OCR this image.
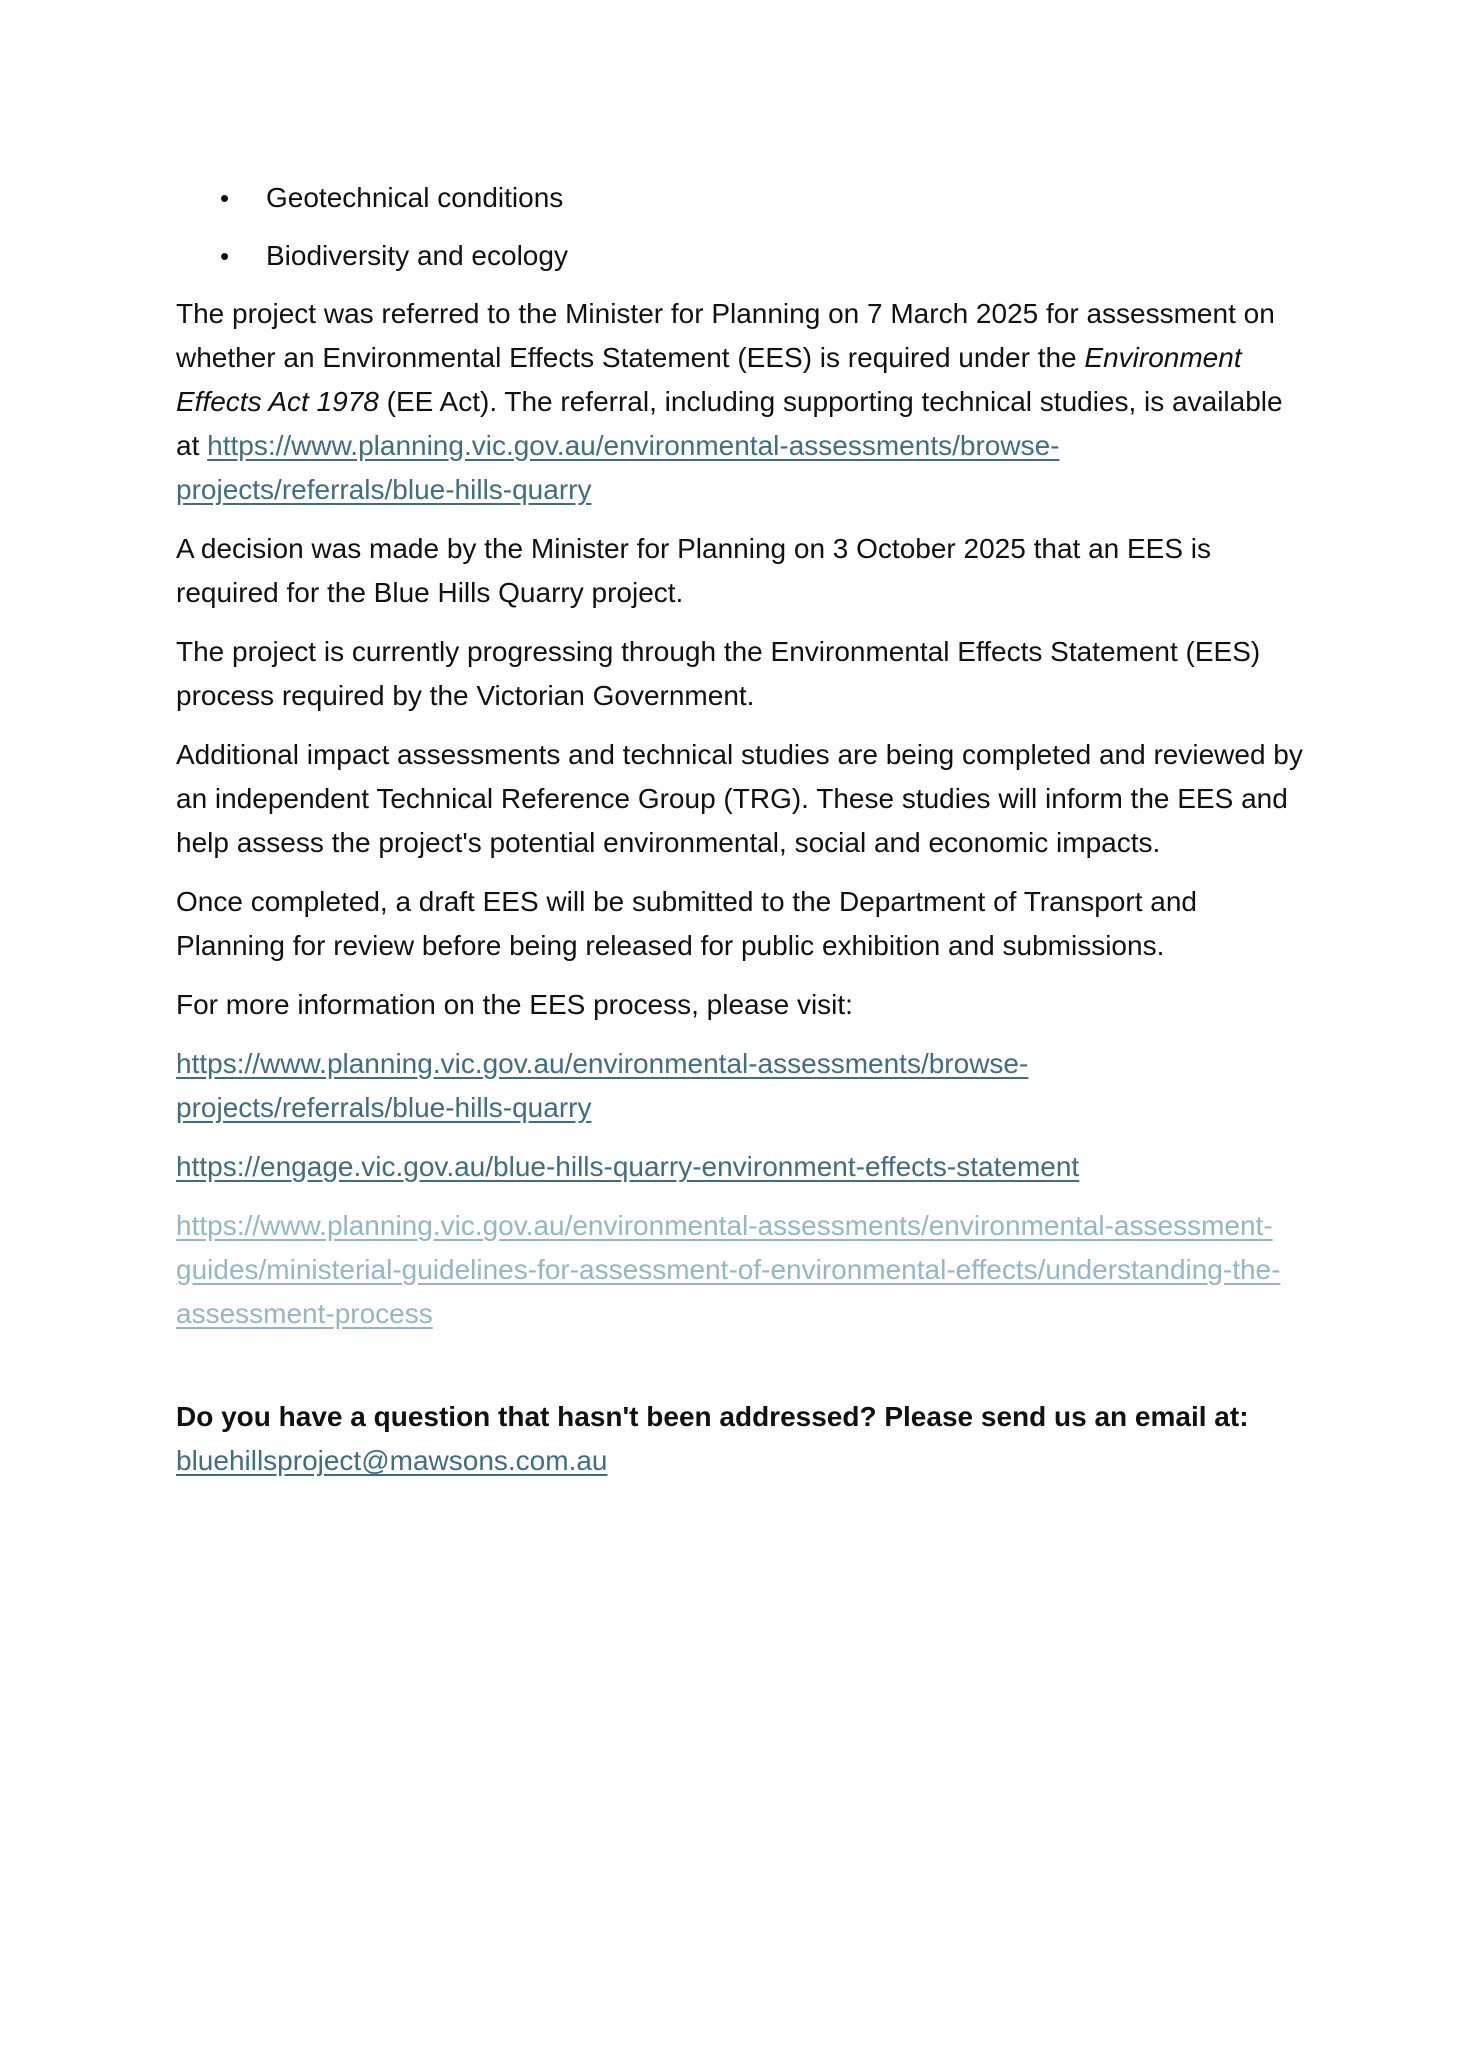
• Geotechnical conditions
• Biodiversity and ecology

The project was referred to the Minister for Planning on 7 March 2025 for assessment on whether an Environmental Effects Statement (EES) is required under the Environment Effects Act 1978 (EE Act). The referral, including supporting technical studies, is available at https://www.planning.vic.gov.au/environmental-assessments/browse-projects/referrals/blue-hills-quarry

A decision was made by the Minister for Planning on 3 October 2025 that an EES is required for the Blue Hills Quarry project.

The project is currently progressing through the Environmental Effects Statement (EES) process required by the Victorian Government.

Additional impact assessments and technical studies are being completed and reviewed by an independent Technical Reference Group (TRG). These studies will inform the EES and help assess the project's potential environmental, social and economic impacts.

Once completed, a draft EES will be submitted to the Department of Transport and Planning for review before being released for public exhibition and submissions.

For more information on the EES process, please visit:

https://www.planning.vic.gov.au/environmental-assessments/browse-projects/referrals/blue-hills-quarry

https://engage.vic.gov.au/blue-hills-quarry-environment-effects-statement

https://www.planning.vic.gov.au/environmental-assessments/environmental-assessment-guides/ministerial-guidelines-for-assessment-of-environmental-effects/understanding-the-assessment-process

Do you have a question that hasn't been addressed? Please send us an email at:
bluehillsproject@mawsons.com.au
